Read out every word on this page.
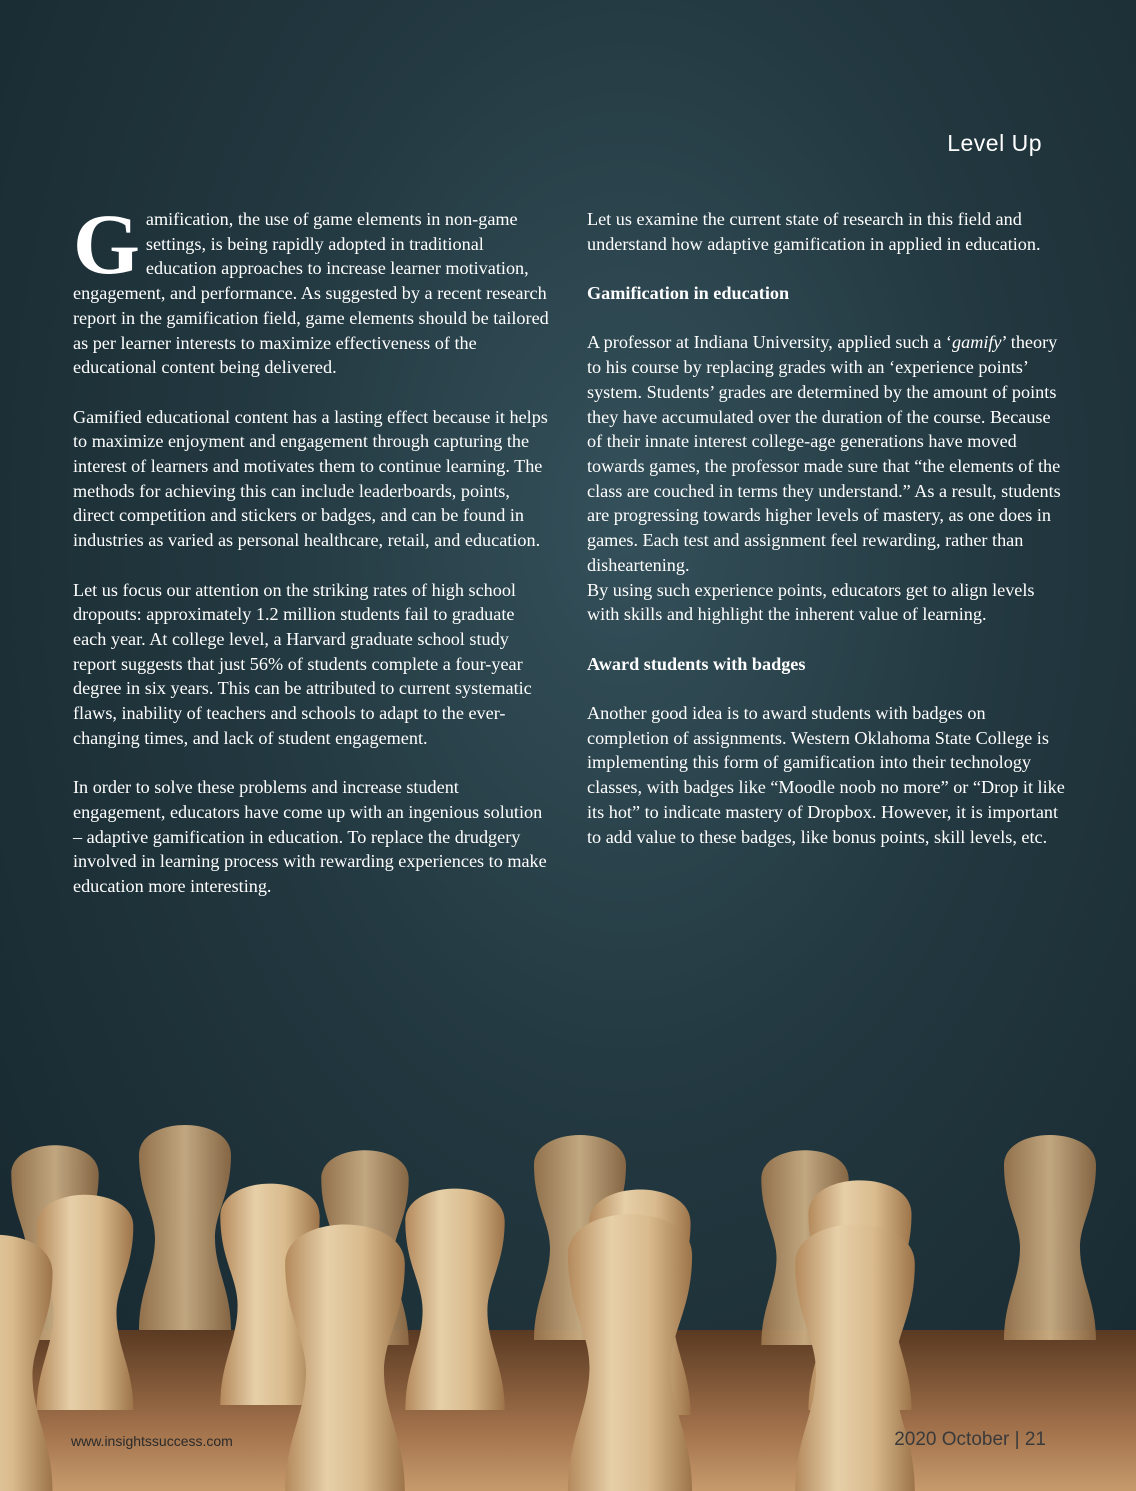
Level Up

Gamification, the use of game elements in non-game settings, is being rapidly adopted in traditional education approaches to increase learner motivation, engagement, and performance. As suggested by a recent research report in the gamification field, game elements should be tailored as per learner interests to maximize effectiveness of the educational content being delivered.

Gamified educational content has a lasting effect because it helps to maximize enjoyment and engagement through capturing the interest of learners and motivates them to continue learning. The methods for achieving this can include leaderboards, points, direct competition and stickers or badges, and can be found in industries as varied as personal healthcare, retail, and education.

Let us focus our attention on the striking rates of high school dropouts: approximately 1.2 million students fail to graduate each year. At college level, a Harvard graduate school study report suggests that just 56% of students complete a four-year degree in six years. This can be attributed to current systematic flaws, inability of teachers and schools to adapt to the ever-changing times, and lack of student engagement.

In order to solve these problems and increase student engagement, educators have come up with an ingenious solution – adaptive gamification in education. To replace the drudgery involved in learning process with rewarding experiences to make education more interesting.

Let us examine the current state of research in this field and understand how adaptive gamification in applied in education.

Gamification in education

A professor at Indiana University, applied such a ‘gamify’ theory to his course by replacing grades with an ‘experience points’ system. Students’ grades are determined by the amount of points they have accumulated over the duration of the course. Because of their innate interest college-age generations have moved towards games, the professor made sure that “the elements of the class are couched in terms they understand.” As a result, students are progressing towards higher levels of mastery, as one does in games. Each test and assignment feel rewarding, rather than disheartening.

By using such experience points, educators get to align levels with skills and highlight the inherent value of learning.

Award students with badges

Another good idea is to award students with badges on completion of assignments. Western Oklahoma State College is implementing this form of gamification into their technology classes, with badges like “Moodle noob no more” or “Drop it like its hot” to indicate mastery of Dropbox. However, it is important to add value to these badges, like bonus points, skill levels, etc.

www.insightssuccess.com	2020 October | 21
